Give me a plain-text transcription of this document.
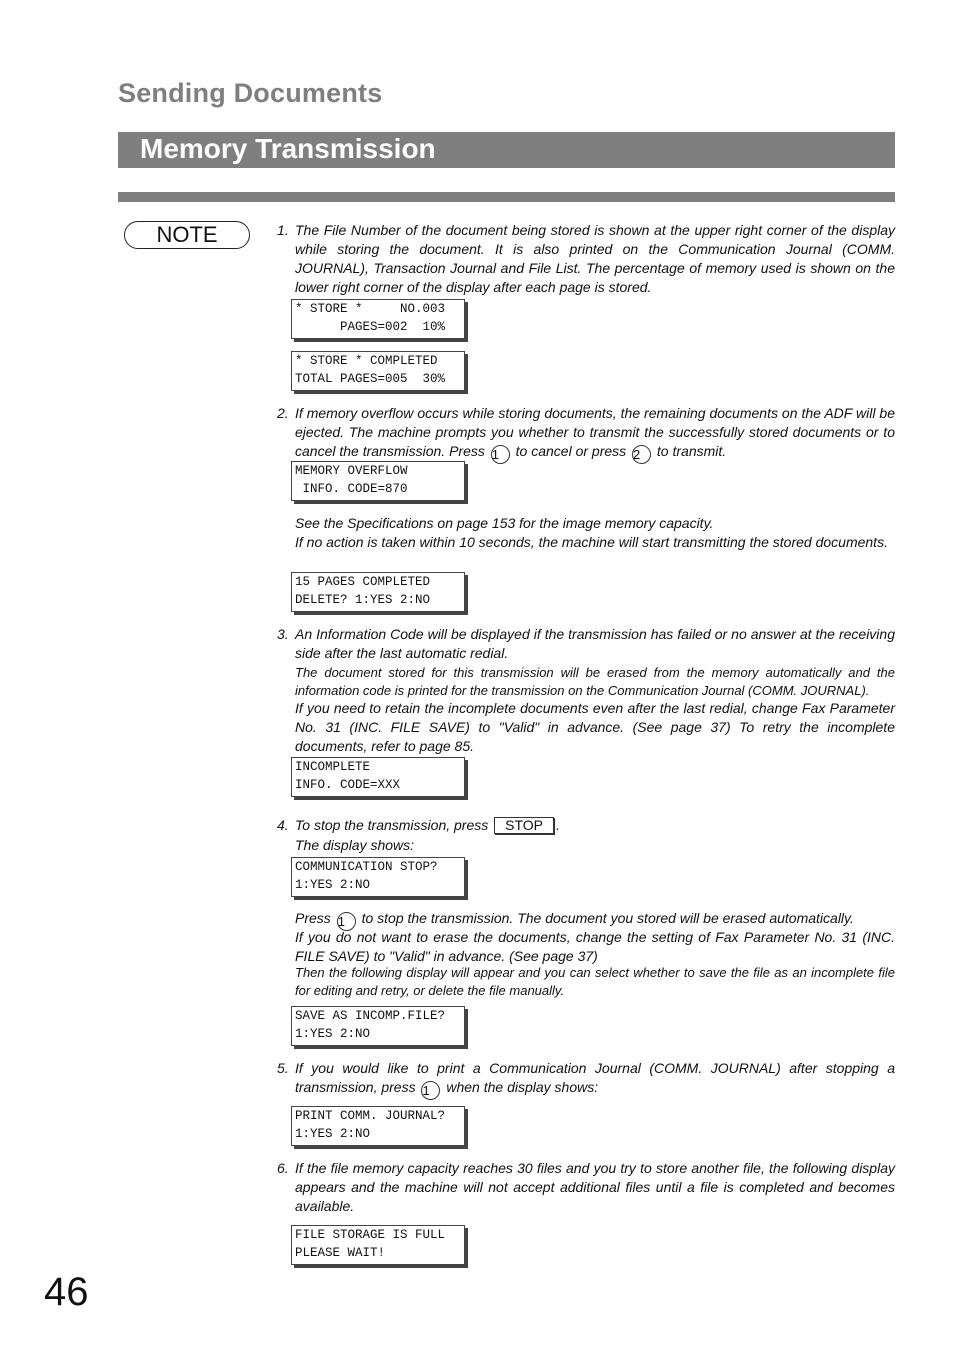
Sending Documents
Memory Transmission
NOTE	1. The File Number of the document being stored is shown at the upper right corner of the display while storing the document. It is also printed on the Communication Journal (COMM. JOURNAL), Transaction Journal and File List. The percentage of memory used is shown on the lower right corner of the display after each page is stored.
* STORE *     NO.003
PAGES=002  10%
* STORE * COMPLETED
TOTAL PAGES=005  30%
2. If memory overflow occurs while storing documents, the remaining documents on the ADF will be ejected. The machine prompts you whether to transmit the successfully stored documents or to cancel the transmission. Press 1 to cancel or press 2 to transmit.
MEMORY OVERFLOW
INFO. CODE=870
See the Specifications on page 153 for the image memory capacity.
If no action is taken within 10 seconds, the machine will start transmitting the stored documents.
15 PAGES COMPLETED
DELETE? 1:YES 2:NO
3. An Information Code will be displayed if the transmission has failed or no answer at the receiving side after the last automatic redial.
The document stored for this transmission will be erased from the memory automatically and the information code is printed for the transmission on the Communication Journal (COMM. JOURNAL).
If you need to retain the incomplete documents even after the last redial, change Fax Parameter No. 31 (INC. FILE SAVE) to "Valid" in advance. (See page 37) To retry the incomplete documents, refer to page 85.
INCOMPLETE
INFO. CODE=XXX
4. To stop the transmission, press STOP .
The display shows:
COMMUNICATION STOP?
1:YES 2:NO
Press 1 to stop the transmission. The document you stored will be erased automatically.
If you do not want to erase the documents, change the setting of Fax Parameter No. 31 (INC. FILE SAVE) to "Valid" in advance. (See page 37)
Then the following display will appear and you can select whether to save the file as an incomplete file for editing and retry, or delete the file manually.
SAVE AS INCOMP.FILE?
1:YES 2:NO
5. If you would like to print a Communication Journal (COMM. JOURNAL) after stopping a transmission, press 1 when the display shows:
PRINT COMM. JOURNAL?
1:YES 2:NO
6. If the file memory capacity reaches 30 files and you try to store another file, the following display appears and the machine will not accept additional files until a file is completed and becomes available.
FILE STORAGE IS FULL
PLEASE WAIT!
46
